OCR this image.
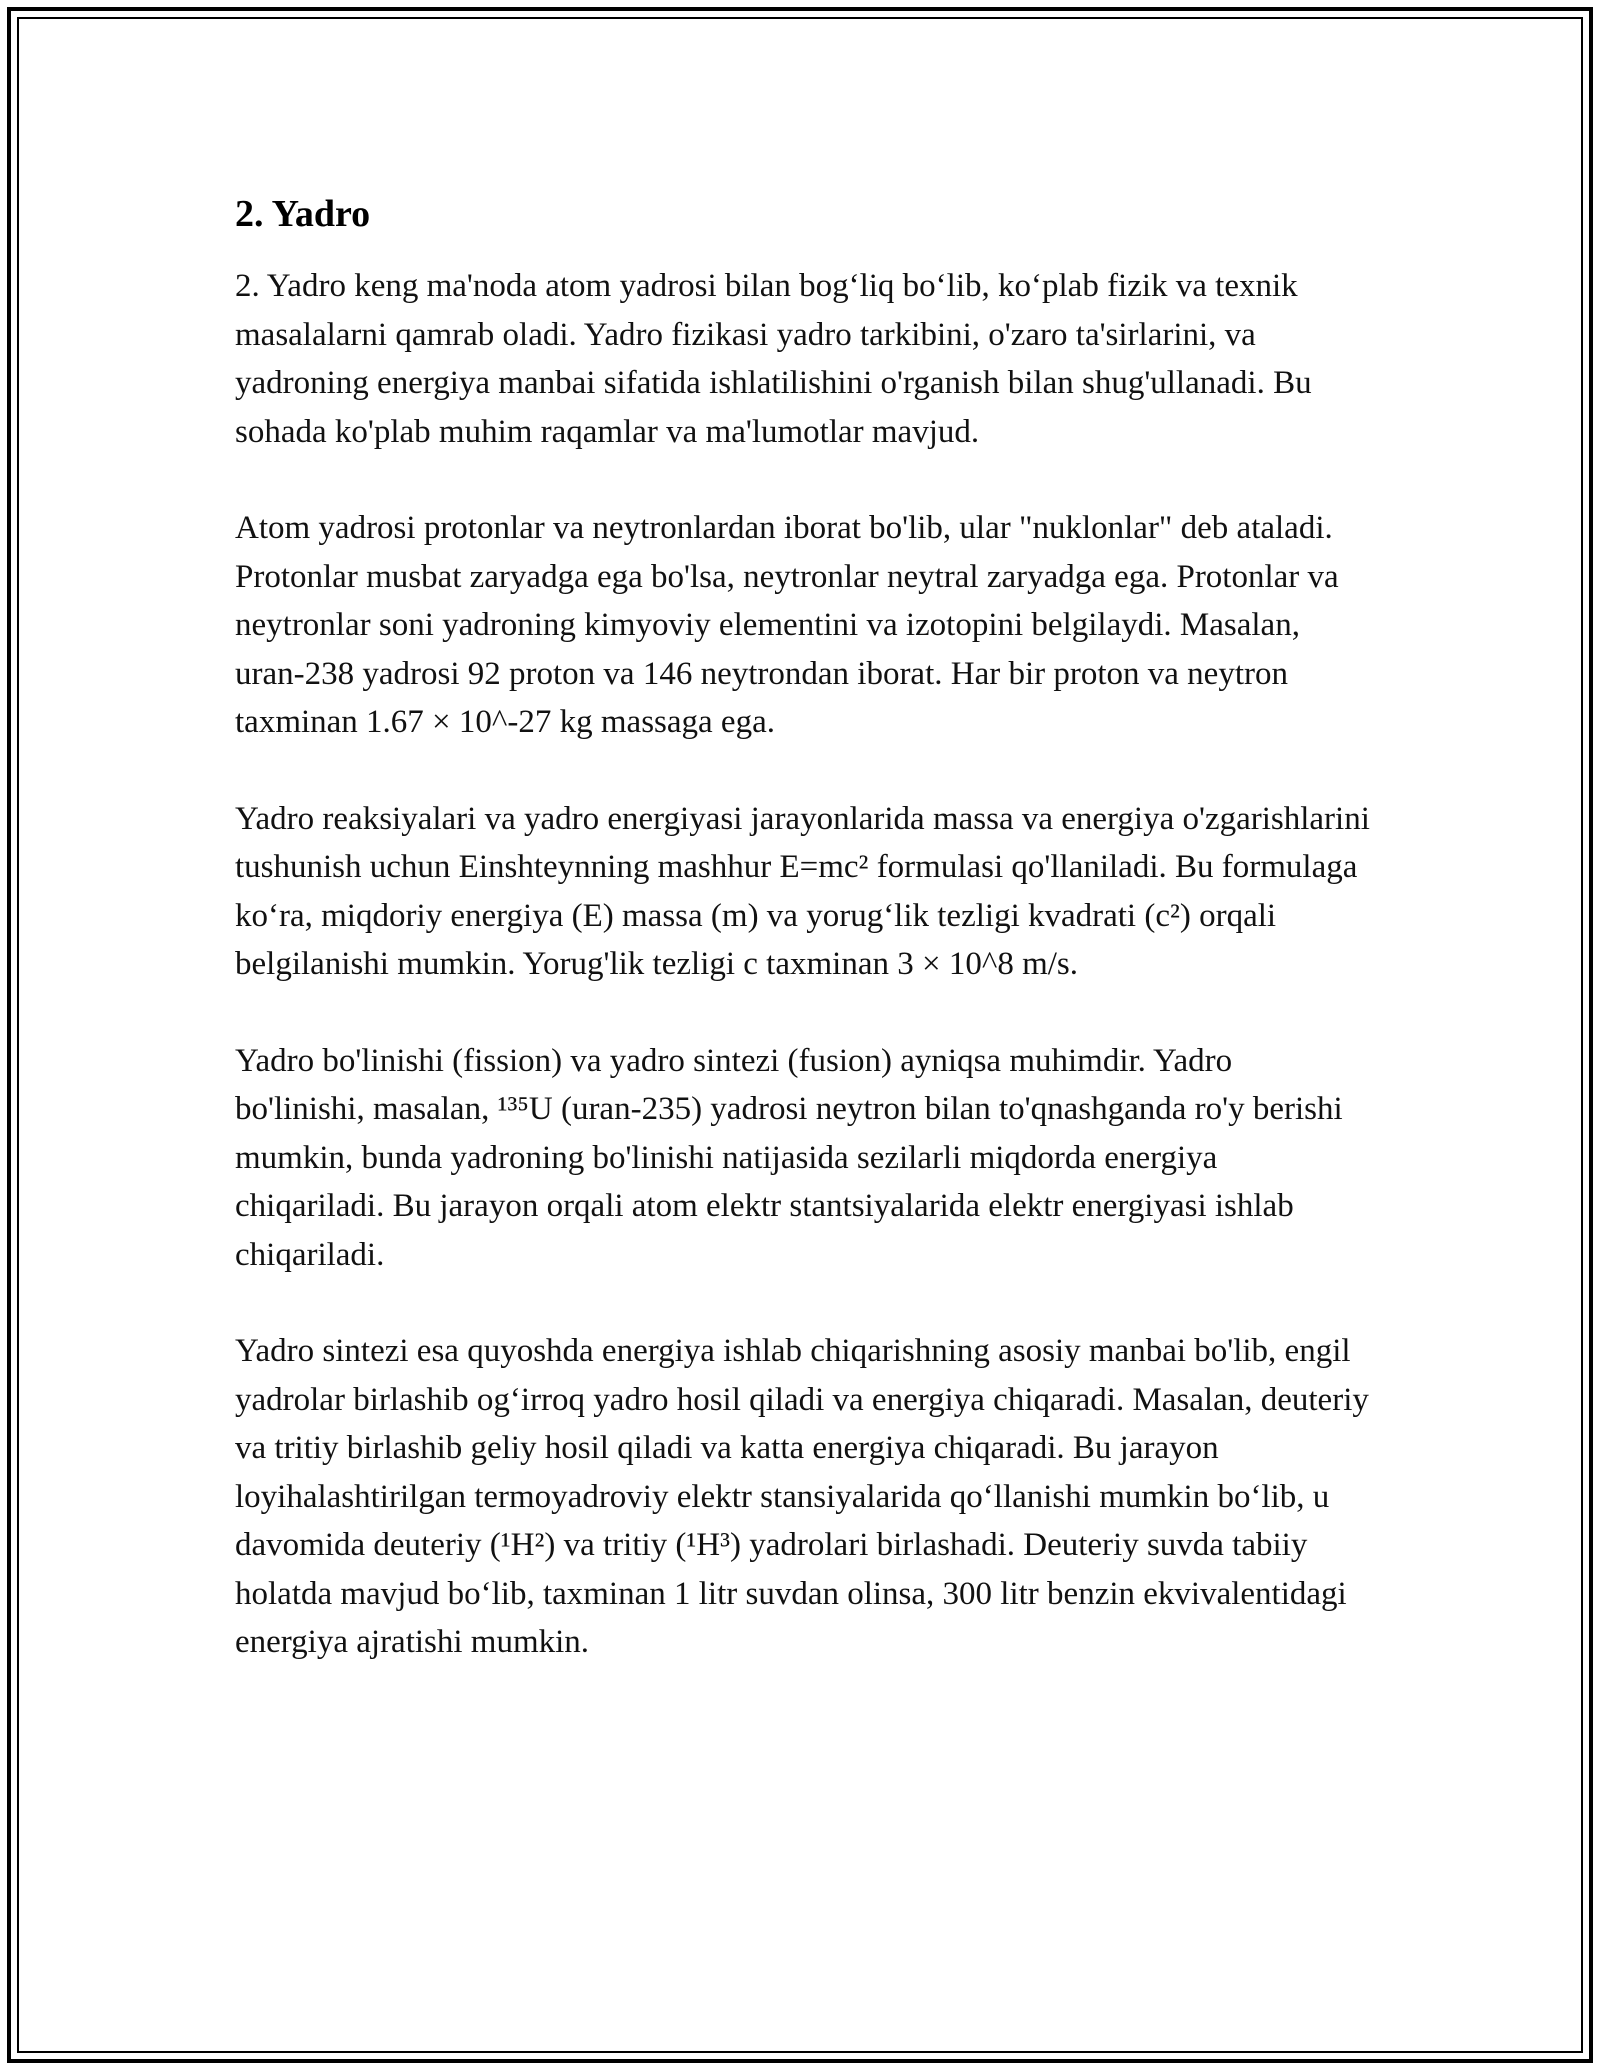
2. Yadro

2. Yadro keng ma'noda atom yadrosi bilan bog‘liq bo‘lib, ko‘plab fizik va texnik masalalarni qamrab oladi. Yadro fizikasi yadro tarkibini, o'zaro ta'sirlarini, va yadroning energiya manbai sifatida ishlatilishini o'rganish bilan shug'ullanadi. Bu sohada ko'plab muhim raqamlar va ma'lumotlar mavjud.

Atom yadrosi protonlar va neytronlardan iborat bo'lib, ular "nuklonlar" deb ataladi. Protonlar musbat zaryadga ega bo'lsa, neytronlar neytral zaryadga ega. Protonlar va neytronlar soni yadroning kimyoviy elementini va izotopini belgilaydi. Masalan, uran-238 yadrosi 92 proton va 146 neytrondan iborat. Har bir proton va neytron taxminan 1.67 × 10^-27 kg massaga ega.

Yadro reaksiyalari va yadro energiyasi jarayonlarida massa va energiya o'zgarishlarini tushunish uchun Einshteynning mashhur E=mc² formulasi qo'llaniladi. Bu formulaga ko‘ra, miqdoriy energiya (E) massa (m) va yorug‘lik tezligi kvadrati (c²) orqali belgilanishi mumkin. Yorug'lik tezligi c taxminan 3 × 10^8 m/s.

Yadro bo'linishi (fission) va yadro sintezi (fusion) ayniqsa muhimdir. Yadro bo'linishi, masalan, ¹³⁵U (uran-235) yadrosi neytron bilan to'qnashganda ro'y berishi mumkin, bunda yadroning bo'linishi natijasida sezilarli miqdorda energiya chiqariladi. Bu jarayon orqali atom elektr stantsiyalarida elektr energiyasi ishlab chiqariladi.

Yadro sintezi esa quyoshda energiya ishlab chiqarishning asosiy manbai bo'lib, engil yadrolar birlashib og‘irroq yadro hosil qiladi va energiya chiqaradi. Masalan, deuteriy va tritiy birlashib geliy hosil qiladi va katta energiya chiqaradi. Bu jarayon loyihalashtirilgan termoyadroviy elektr stansiyalarida qo‘llanishi mumkin bo‘lib, u davomida deuteriy (¹H²) va tritiy (¹H³) yadrolari birlashadi. Deuteriy suvda tabiiy holatda mavjud bo‘lib, taxminan 1 litr suvdan olinsa, 300 litr benzin ekvivalentidagi energiya ajratishi mumkin.
